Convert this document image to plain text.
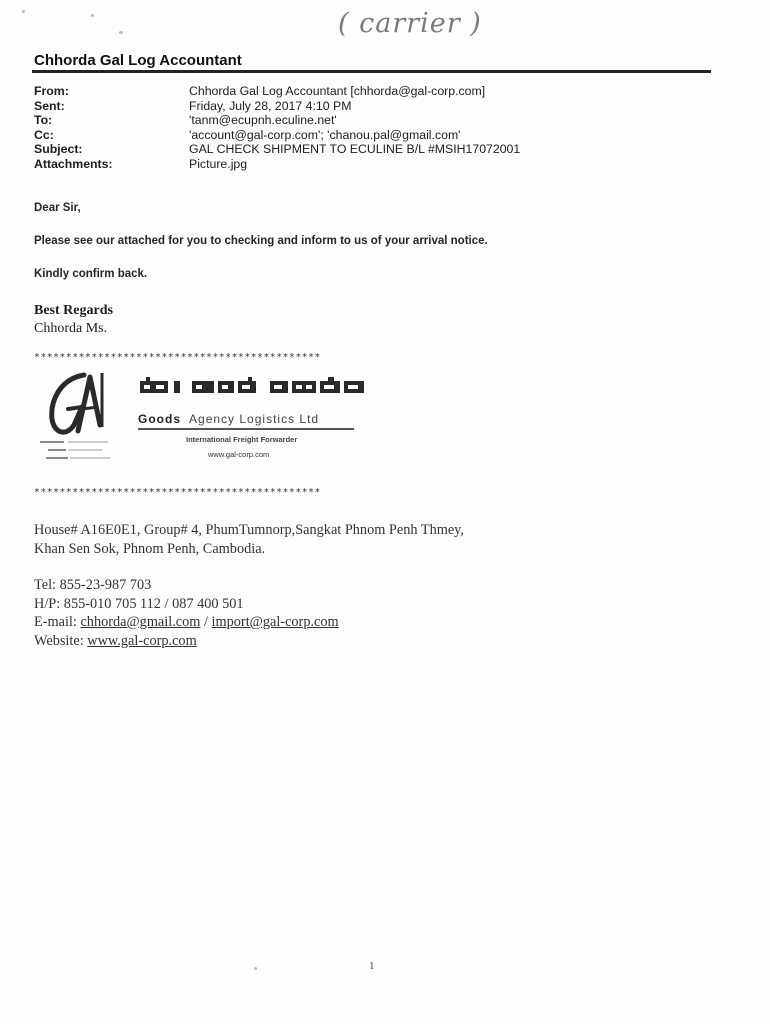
( carrier )
Chhorda Gal Log Accountant
From:	Chhorda Gal Log Accountant [chhorda@gal-corp.com]
Sent:	Friday, July 28, 2017 4:10 PM
To:	'tanm@ecupnh.eculine.net'
Cc:	'account@gal-corp.com'; 'chanou.pal@gmail.com'
Subject:	GAL CHECK SHIPMENT TO ECULINE B/L #MSIH17072001
Attachments:	Picture.jpg
Dear Sir,
Please see our attached for you to checking and inform to us of your arrival notice.
Kindly confirm back.
Best Regards
Chhorda Ms.
*********************************************
Goods Agency Logistics Ltd
International Freight Forwarder
www.gal-corp.com
*********************************************
House# A16E0E1, Group# 4, PhumTumnorp,Sangkat Phnom Penh Thmey,
Khan Sen Sok, Phnom Penh, Cambodia.
Tel: 855-23-987 703
H/P: 855-010 705 112 / 087 400 501
E-mail: chhorda@gmail.com / import@gal-corp.com
Website: www.gal-corp.com
1
